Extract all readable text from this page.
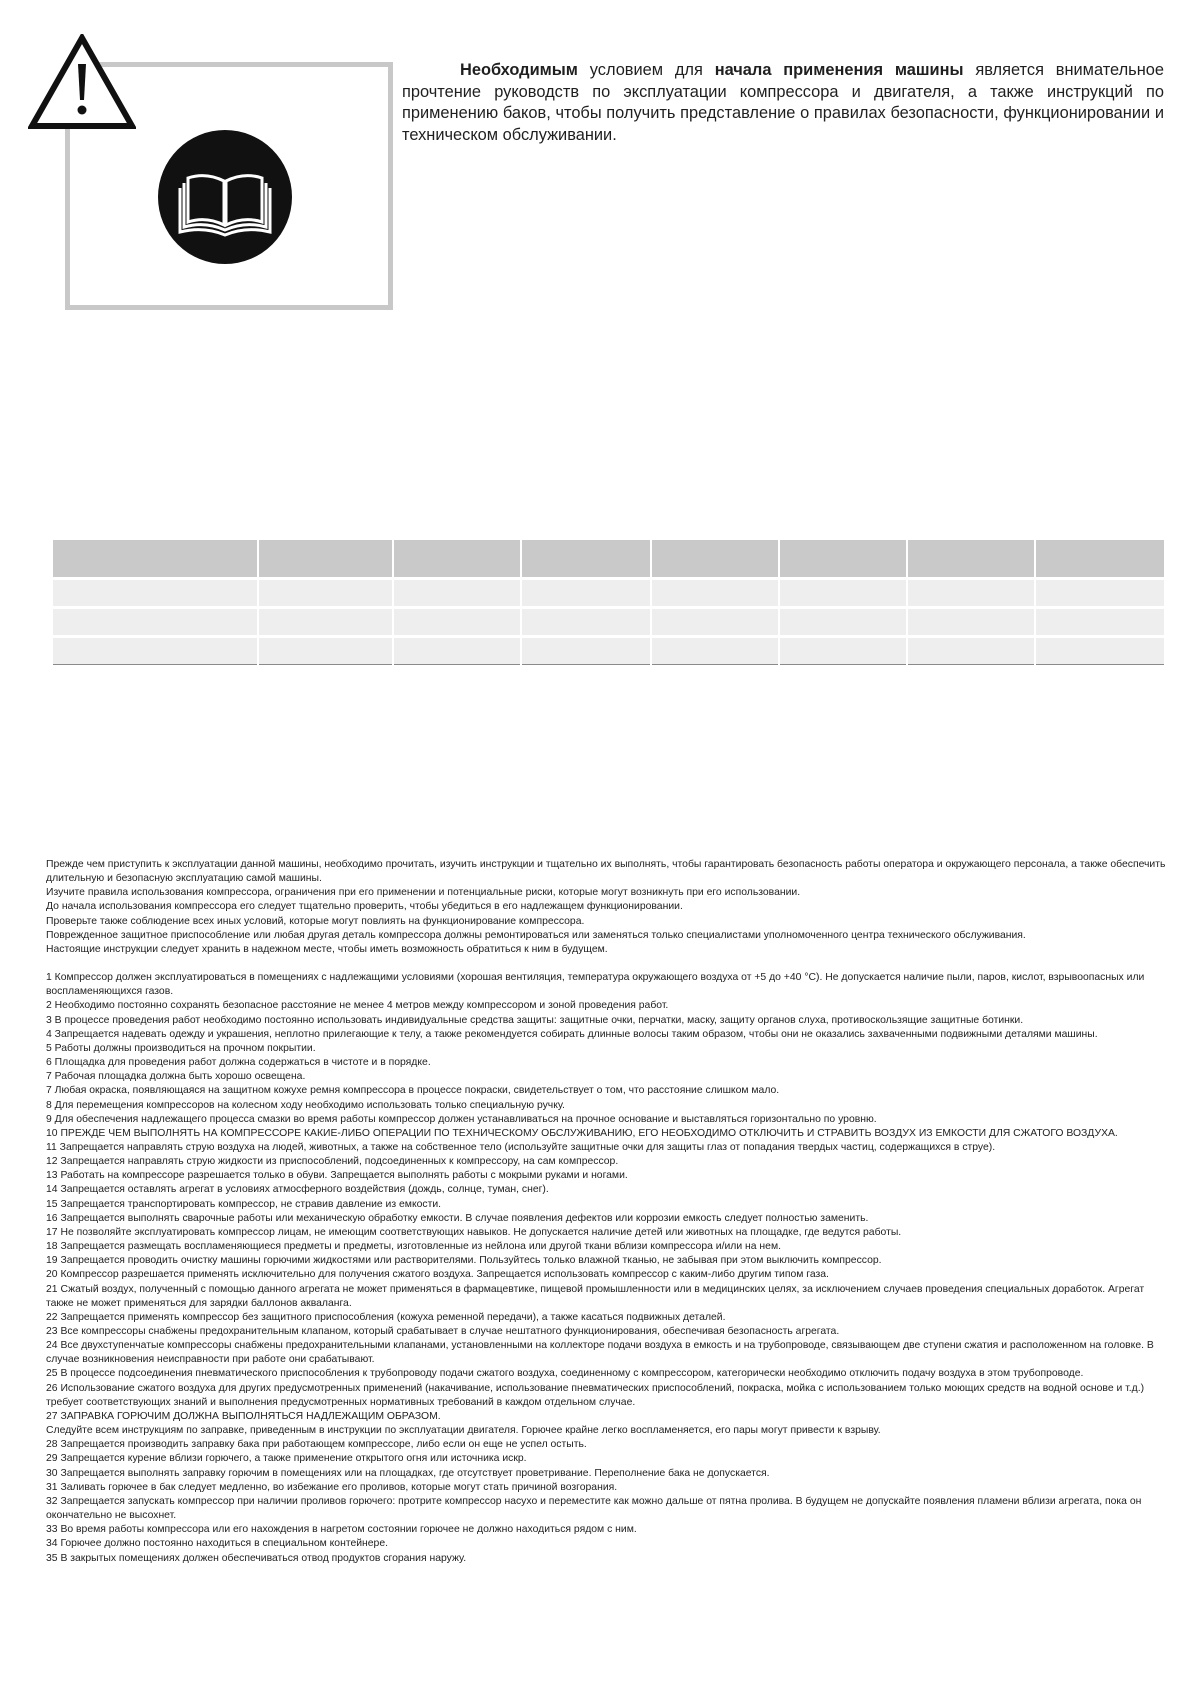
Необходимым условием для начала применения машины является внимательное прочтение руководств по эксплуатации компрессора и двигателя, а также инструкций по применению баков, чтобы получить представление о правилах безопасности, функционировании и техническом обслуживании.

Прежде чем приступить к эксплуатации данной машины, необходимо прочитать, изучить инструкции и тщательно их выполнять, чтобы гарантировать безопасность работы оператора и окружающего персонала, а также обеспечить длительную и безопасную эксплуатацию самой машины.

Изучите правила использования компрессора, ограничения при его применении и потенциальные риски, которые могут возникнуть при его использовании.

До начала использования компрессора его следует тщательно проверить, чтобы убедиться в его надлежащем функционировании.

Проверьте также соблюдение всех иных условий, которые могут повлиять на функционирование компрессора.

Поврежденное защитное приспособление или любая другая деталь компрессора должны ремонтироваться или заменяться только специалистами уполномоченного центра технического обслуживания.

Настоящие инструкции следует хранить в надежном месте, чтобы иметь возможность обратиться к ним в будущем.

1 Компрессор должен эксплуатироваться в помещениях с надлежащими условиями (хорошая вентиляция, температура окружающего воздуха от +5 до +40 °C). Не допускается наличие пыли, паров, кислот, взрывоопасных или воспламеняющихся газов.

2 Необходимо постоянно сохранять безопасное расстояние не менее 4 метров между компрессором и зоной проведения работ.

3 В процессе проведения работ необходимо постоянно использовать индивидуальные средства защиты: защитные очки, перчатки, маску, защиту органов слуха, противоскользящие защитные ботинки.

4 Запрещается надевать одежду и украшения, неплотно прилегающие к телу, а также рекомендуется собирать длинные волосы таким образом, чтобы они не оказались захваченными подвижными деталями машины.

5 Работы должны производиться на прочном покрытии.

6 Площадка для проведения работ должна содержаться в чистоте и в порядке.

7 Рабочая площадка должна быть хорошо освещена.

7 Любая окраска, появляющаяся на защитном кожухе ремня компрессора в процессе покраски, свидетельствует о том, что расстояние слишком мало.

8 Для перемещения компрессоров на колесном ходу необходимо использовать только специальную ручку.

9 Для обеспечения надлежащего процесса смазки во время работы компрессор должен устанавливаться на прочное основание и выставляться горизонтально по уровню.

10 ПРЕЖДЕ ЧЕМ ВЫПОЛНЯТЬ НА КОМПРЕССОРЕ КАКИЕ-ЛИБО ОПЕРАЦИИ ПО ТЕХНИЧЕСКОМУ ОБСЛУЖИВАНИЮ, ЕГО НЕОБХОДИМО ОТКЛЮЧИТЬ И СТРАВИТЬ ВОЗДУХ ИЗ ЕМКОСТИ ДЛЯ СЖАТОГО ВОЗДУХА.

11 Запрещается направлять струю воздуха на людей, животных, а также на собственное тело (используйте защитные очки для защиты глаз от попадания твердых частиц, содержащихся в струе).

12 Запрещается направлять струю жидкости из приспособлений, подсоединенных к компрессору, на сам компрессор.

13 Работать на компрессоре разрешается только в обуви. Запрещается выполнять работы с мокрыми руками и ногами.

14 Запрещается оставлять агрегат в условиях атмосферного воздействия (дождь, солнце, туман, снег).

15 Запрещается транспортировать компрессор, не стравив давление из емкости.

16 Запрещается выполнять сварочные работы или механическую обработку емкости. В случае появления дефектов или коррозии емкость следует полностью заменить.

17 Не позволяйте эксплуатировать компрессор лицам, не имеющим соответствующих навыков. Не допускается наличие детей или животных на площадке, где ведутся работы.

18 Запрещается размещать воспламеняющиеся предметы и предметы, изготовленные из нейлона или другой ткани вблизи компрессора и/или на нем.

19 Запрещается проводить очистку машины горючими жидкостями или растворителями. Пользуйтесь только влажной тканью, не забывая при этом выключить компрессор.

20 Компрессор разрешается применять исключительно для получения сжатого воздуха. Запрещается использовать компрессор с каким-либо другим типом газа.

21 Сжатый воздух, полученный с помощью данного агрегата не может применяться в фармацевтике, пищевой промышленности или в медицинских целях, за исключением случаев проведения специальных доработок. Агрегат также не может применяться для зарядки баллонов акваланга.

22 Запрещается применять компрессор без защитного приспособления (кожуха ременной передачи), а также касаться подвижных деталей.

23 Все компрессоры снабжены предохранительным клапаном, который срабатывает в случае нештатного функционирования, обеспечивая безопасность агрегата.

24 Все двухступенчатые компрессоры снабжены предохранительными клапанами, установленными на коллекторе подачи воздуха в емкость и на трубопроводе, связывающем две ступени сжатия и расположенном на головке. В случае возникновения неисправности при работе они срабатывают.

25 В процессе подсоединения пневматического приспособления к трубопроводу подачи сжатого воздуха, соединенному с компрессором, категорически необходимо отключить подачу воздуха в этом трубопроводе.

26 Использование сжатого воздуха для других предусмотренных применений (накачивание, использование пневматических приспособлений, покраска, мойка с использованием только моющих средств на водной основе и т.д.) требует соответствующих знаний и выполнения предусмотренных нормативных требований в каждом отдельном случае.

27 ЗАПРАВКА ГОРЮЧИМ ДОЛЖНА ВЫПОЛНЯТЬСЯ НАДЛЕЖАЩИМ ОБРАЗОМ.

Следуйте всем инструкциям по заправке, приведенным в инструкции по эксплуатации двигателя. Горючее крайне легко воспламеняется, его пары могут привести к взрыву.

28 Запрещается производить заправку бака при работающем компрессоре, либо если он еще не успел остыть.

29 Запрещается курение вблизи горючего, а также применение открытого огня или источника искр.

30 Запрещается выполнять заправку горючим в помещениях или на площадках, где отсутствует проветривание. Переполнение бака не допускается.

31 Заливать горючее в бак следует медленно, во избежание его проливов, которые могут стать причиной возгорания.

32 Запрещается запускать компрессор при наличии проливов горючего: протрите компрессор насухо и переместите как можно дальше от пятна пролива. В будущем не допускайте появления пламени вблизи агрегата, пока он окончательно не высохнет.

33 Во время работы компрессора или его нахождения в нагретом состоянии горючее не должно находиться рядом с ним.

34 Горючее должно постоянно находиться в специальном контейнере.

35 В закрытых помещениях должен обеспечиваться отвод продуктов сгорания наружу.
